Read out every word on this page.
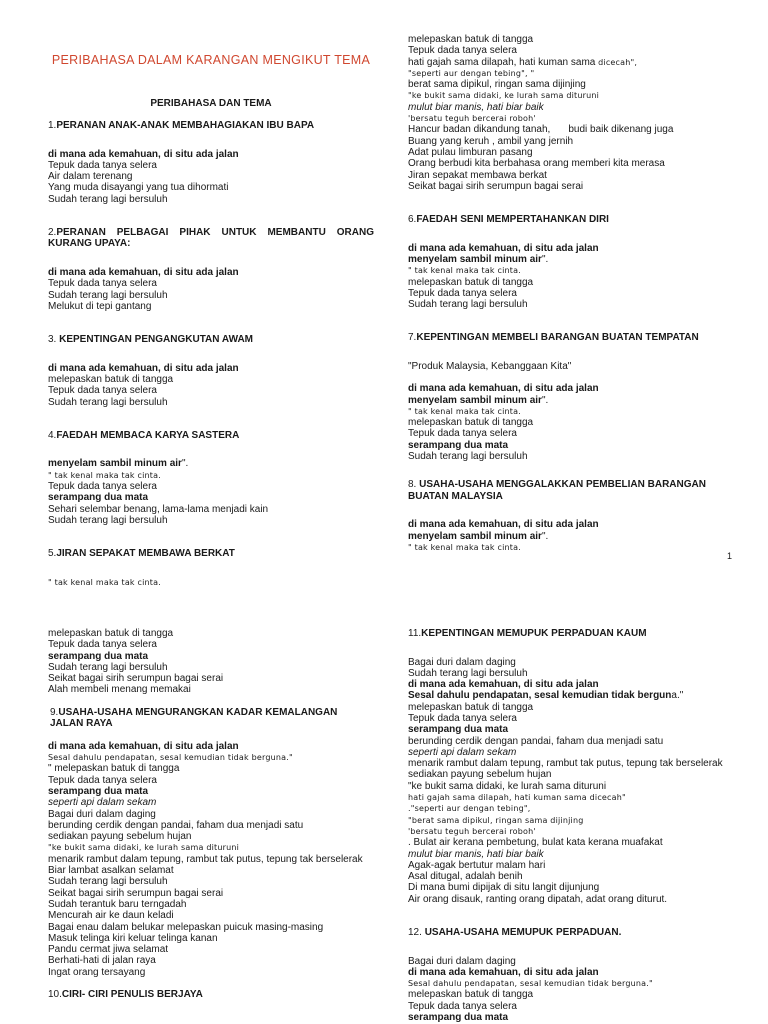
PERIBAHASA DALAM KARANGAN MENGIKUT TEMA
PERIBAHASA DAN TEMA
1.PERANAN ANAK-ANAK MEMBAHAGIAKAN IBU BAPA
di mana ada kemahuan, di situ ada jalan
Tepuk dada tanya selera
Air dalam terenang
Yang muda disayangi yang tua dihormati
Sudah terang lagi bersuluh
2.PERANAN PELBAGAI PIHAK UNTUK MEMBANTU ORANG KURANG UPAYA:
di mana ada kemahuan, di situ ada jalan
Tepuk dada tanya selera
Sudah terang lagi bersuluh
Melukut di tepi gantang
3. KEPENTINGAN PENGANGKUTAN AWAM
di mana ada kemahuan, di situ ada jalan
melepaskan batuk di tangga
Tepuk dada tanya selera
Sudah terang lagi bersuluh
4.FAEDAH MEMBACA KARYA SASTERA
menyelam sambil minum air".
" tak kenal maka tak cinta.
Tepuk dada tanya selera
serampang dua mata
Sehari selembar benang, lama-lama menjadi kain
Sudah terang lagi bersuluh
5.JIRAN SEPAKAT MEMBAWA BERKAT
" tak kenal maka tak cinta.
melepaskan batuk di tangga
Tepuk dada tanya selera
hati gajah sama dilapah, hati kuman sama dicecah",
"seperti aur dengan tebing", "
berat sama dipikul, ringan sama dijinjing
"ke bukit sama didaki, ke lurah sama dituruni
mulut biar manis, hati biar baik
'bersatu teguh bercerai roboh'
Hancur badan dikandung tanah, budi baik dikenang juga
Buang yang keruh , ambil yang jernih
Adat pulau limburan pasang
Orang berbudi kita berbahasa orang memberi kita merasa
Jiran sepakat membawa berkat
Seikat bagai sirih serumpun bagai serai
6.FAEDAH SENI MEMPERTAHANKAN DIRI
di mana ada kemahuan, di situ ada jalan
menyelam sambil minum air".
" tak kenal maka tak cinta.
melepaskan batuk di tangga
Tepuk dada tanya selera
Sudah terang lagi bersuluh
7.KEPENTINGAN MEMBELI BARANGAN BUATAN TEMPATAN
"Produk Malaysia, Kebanggaan Kita"
di mana ada kemahuan, di situ ada jalan
menyelam sambil minum air".
" tak kenal maka tak cinta.
melepaskan batuk di tangga
Tepuk dada tanya selera
serampang dua mata
Sudah terang lagi bersuluh
8. USAHA-USAHA MENGGALAKKAN PEMBELIAN BARANGAN BUATAN MALAYSIA
di mana ada kemahuan, di situ ada jalan
menyelam sambil minum air".
" tak kenal maka tak cinta.
1
melepaskan batuk di tangga
Tepuk dada tanya selera
serampang dua mata
Sudah terang lagi bersuluh
Seikat bagai sirih serumpun bagai serai
Alah membeli menang memakai
9.USAHA-USAHA MENGURANGKAN KADAR KEMALANGAN JALAN RAYA
di mana ada kemahuan, di situ ada jalan
Sesal dahulu pendapatan, sesal kemudian tidak berguna."
" melepaskan batuk di tangga
Tepuk dada tanya selera
serampang dua mata
seperti api dalam sekam
Bagai duri dalam daging
berunding cerdik dengan pandai, faham dua menjadi satu
sediakan payung sebelum hujan
"ke bukit sama didaki, ke lurah sama dituruni
menarik rambut dalam tepung, rambut tak putus, tepung tak berselerak
Biar lambat asalkan selamat
Sudah terang lagi bersuluh
Seikat bagai sirih serumpun bagai serai
Sudah terantuk baru terngadah
Mencurah air ke daun keladi
Bagai enau dalam belukar melepaskan puicuk masing-masing
Masuk telinga kiri keluar telinga kanan
Pandu cermat jiwa selamat
Berhati-hati di jalan raya
Ingat orang tersayang
10.CIRI- CIRI PENULIS BERJAYA
11.KEPENTINGAN MEMUPUK PERPADUAN KAUM
Bagai duri dalam daging
Sudah terang lagi bersuluh
di mana ada kemahuan, di situ ada jalan
Sesal dahulu pendapatan, sesal kemudian tidak berguna."
melepaskan batuk di tangga
Tepuk dada tanya selera
serampang dua mata
berunding cerdik dengan pandai, faham dua menjadi satu
seperti api dalam sekam
menarik rambut dalam tepung, rambut tak putus, tepung tak berselerak
sediakan payung sebelum hujan
"ke bukit sama didaki, ke lurah sama dituruni
hati gajah sama dilapah, hati kuman sama dicecah"
."seperti aur dengan tebing",
"berat sama dipikul, ringan sama dijinjing
'bersatu teguh bercerai roboh'
. Bulat air kerana pembetung, bulat kata kerana muafakat
mulut biar manis, hati biar baik
Agak-agak bertutur malam hari
Asal ditugal, adalah benih
Di mana bumi dipijak di situ langit dijunjung
Air orang disauk, ranting orang dipatah, adat orang diturut.
12. USAHA-USAHA MEMUPUK PERPADUAN.
Bagai duri dalam daging
di mana ada kemahuan, di situ ada jalan
Sesal dahulu pendapatan, sesal kemudian tidak berguna."
melepaskan batuk di tangga
Tepuk dada tanya selera
serampang dua mata
